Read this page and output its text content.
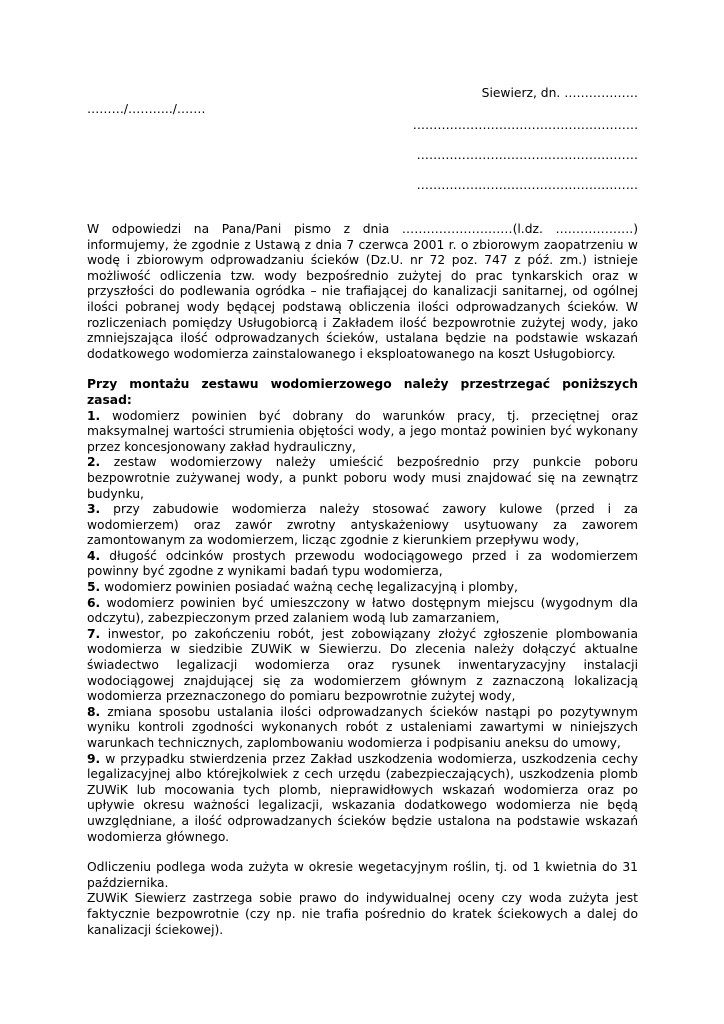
Siewierz, dn. ………………
………/………../…….
……………………………………………….
………………………………………………
………………………………………………

W odpowiedzi na Pana/Pani pismo z dnia ………………………(l.dz. ……………….) informujemy, że zgodnie z Ustawą z dnia 7 czerwca 2001 r. o zbiorowym zaopatrzeniu w wodę i zbiorowym odprowadzaniu ścieków (Dz.U. nr 72 poz. 747 z póź. zm.) istnieje możliwość odliczenia tzw. wody bezpośrednio zużytej do prac tynkarskich oraz w przyszłości do podlewania ogródka – nie trafiającej do kanalizacji sanitarnej, od ogólnej ilości pobranej wody będącej podstawą obliczenia ilości odprowadzanych ścieków. W rozliczeniach pomiędzy Usługobiorcą i Zakładem ilość bezpowrotnie zużytej wody, jako zmniejszająca ilość odprowadzanych ścieków, ustalana będzie na podstawie wskazań dodatkowego wodomierza zainstalowanego i eksploatowanego na koszt Usługobiorcy.

Przy montażu zestawu wodomierzowego należy przestrzegać poniższych zasad:

1. wodomierz powinien być dobrany do warunków pracy, tj. przeciętnej oraz maksymalnej wartości strumienia objętości wody, a jego montaż powinien być wykonany przez koncesjonowany zakład hydrauliczny,

2. zestaw wodomierzowy należy umieścić bezpośrednio przy punkcie poboru bezpowrotnie zużywanej wody, a punkt poboru wody musi znajdować się na zewnątrz budynku,

3. przy zabudowie wodomierza należy stosować zawory kulowe (przed i za wodomierzem) oraz zawór zwrotny antyskażeniowy usytuowany za zaworem zamontowanym za wodomierzem, licząc zgodnie z kierunkiem przepływu wody,

4. długość odcinków prostych przewodu wodociągowego przed i za wodomierzem powinny być zgodne z wynikami badań typu wodomierza,

5. wodomierz powinien posiadać ważną cechę legalizacyjną i plomby,

6. wodomierz powinien być umieszczony w łatwo dostępnym miejscu (wygodnym dla odczytu), zabezpieczonym przed zalaniem wodą lub zamarzaniem,

7. inwestor, po zakończeniu robót, jest zobowiązany złożyć zgłoszenie plombowania wodomierza w siedzibie ZUWiK w Siewierzu. Do zlecenia należy dołączyć aktualne świadectwo legalizacji wodomierza oraz rysunek inwentaryzacyjny instalacji wodociągowej znajdującej się za wodomierzem głównym z zaznaczoną lokalizacją wodomierza przeznaczonego do pomiaru bezpowrotnie zużytej wody,

8. zmiana sposobu ustalania ilości odprowadzanych ścieków nastąpi po pozytywnym wyniku kontroli zgodności wykonanych robót z ustaleniami zawartymi w niniejszych warunkach technicznych, zaplombowaniu wodomierza i podpisaniu aneksu do umowy,

9. w przypadku stwierdzenia przez Zakład uszkodzenia wodomierza, uszkodzenia cechy legalizacyjnej albo którejkolwiek z cech urzędu (zabezpieczających), uszkodzenia plomb ZUWiK lub mocowania tych plomb, nieprawidłowych wskazań wodomierza oraz po upływie okresu ważności legalizacji, wskazania dodatkowego wodomierza nie będą uwzględniane, a ilość odprowadzanych ścieków będzie ustalona na podstawie wskazań wodomierza głównego.

Odliczeniu podlega woda zużyta w okresie wegetacyjnym roślin, tj. od 1 kwietnia do 31 października.

ZUWiK Siewierz zastrzega sobie prawo do indywidualnej oceny czy woda zużyta jest faktycznie bezpowrotnie (czy np. nie trafia pośrednio do kratek ściekowych a dalej do kanalizacji ściekowej).
